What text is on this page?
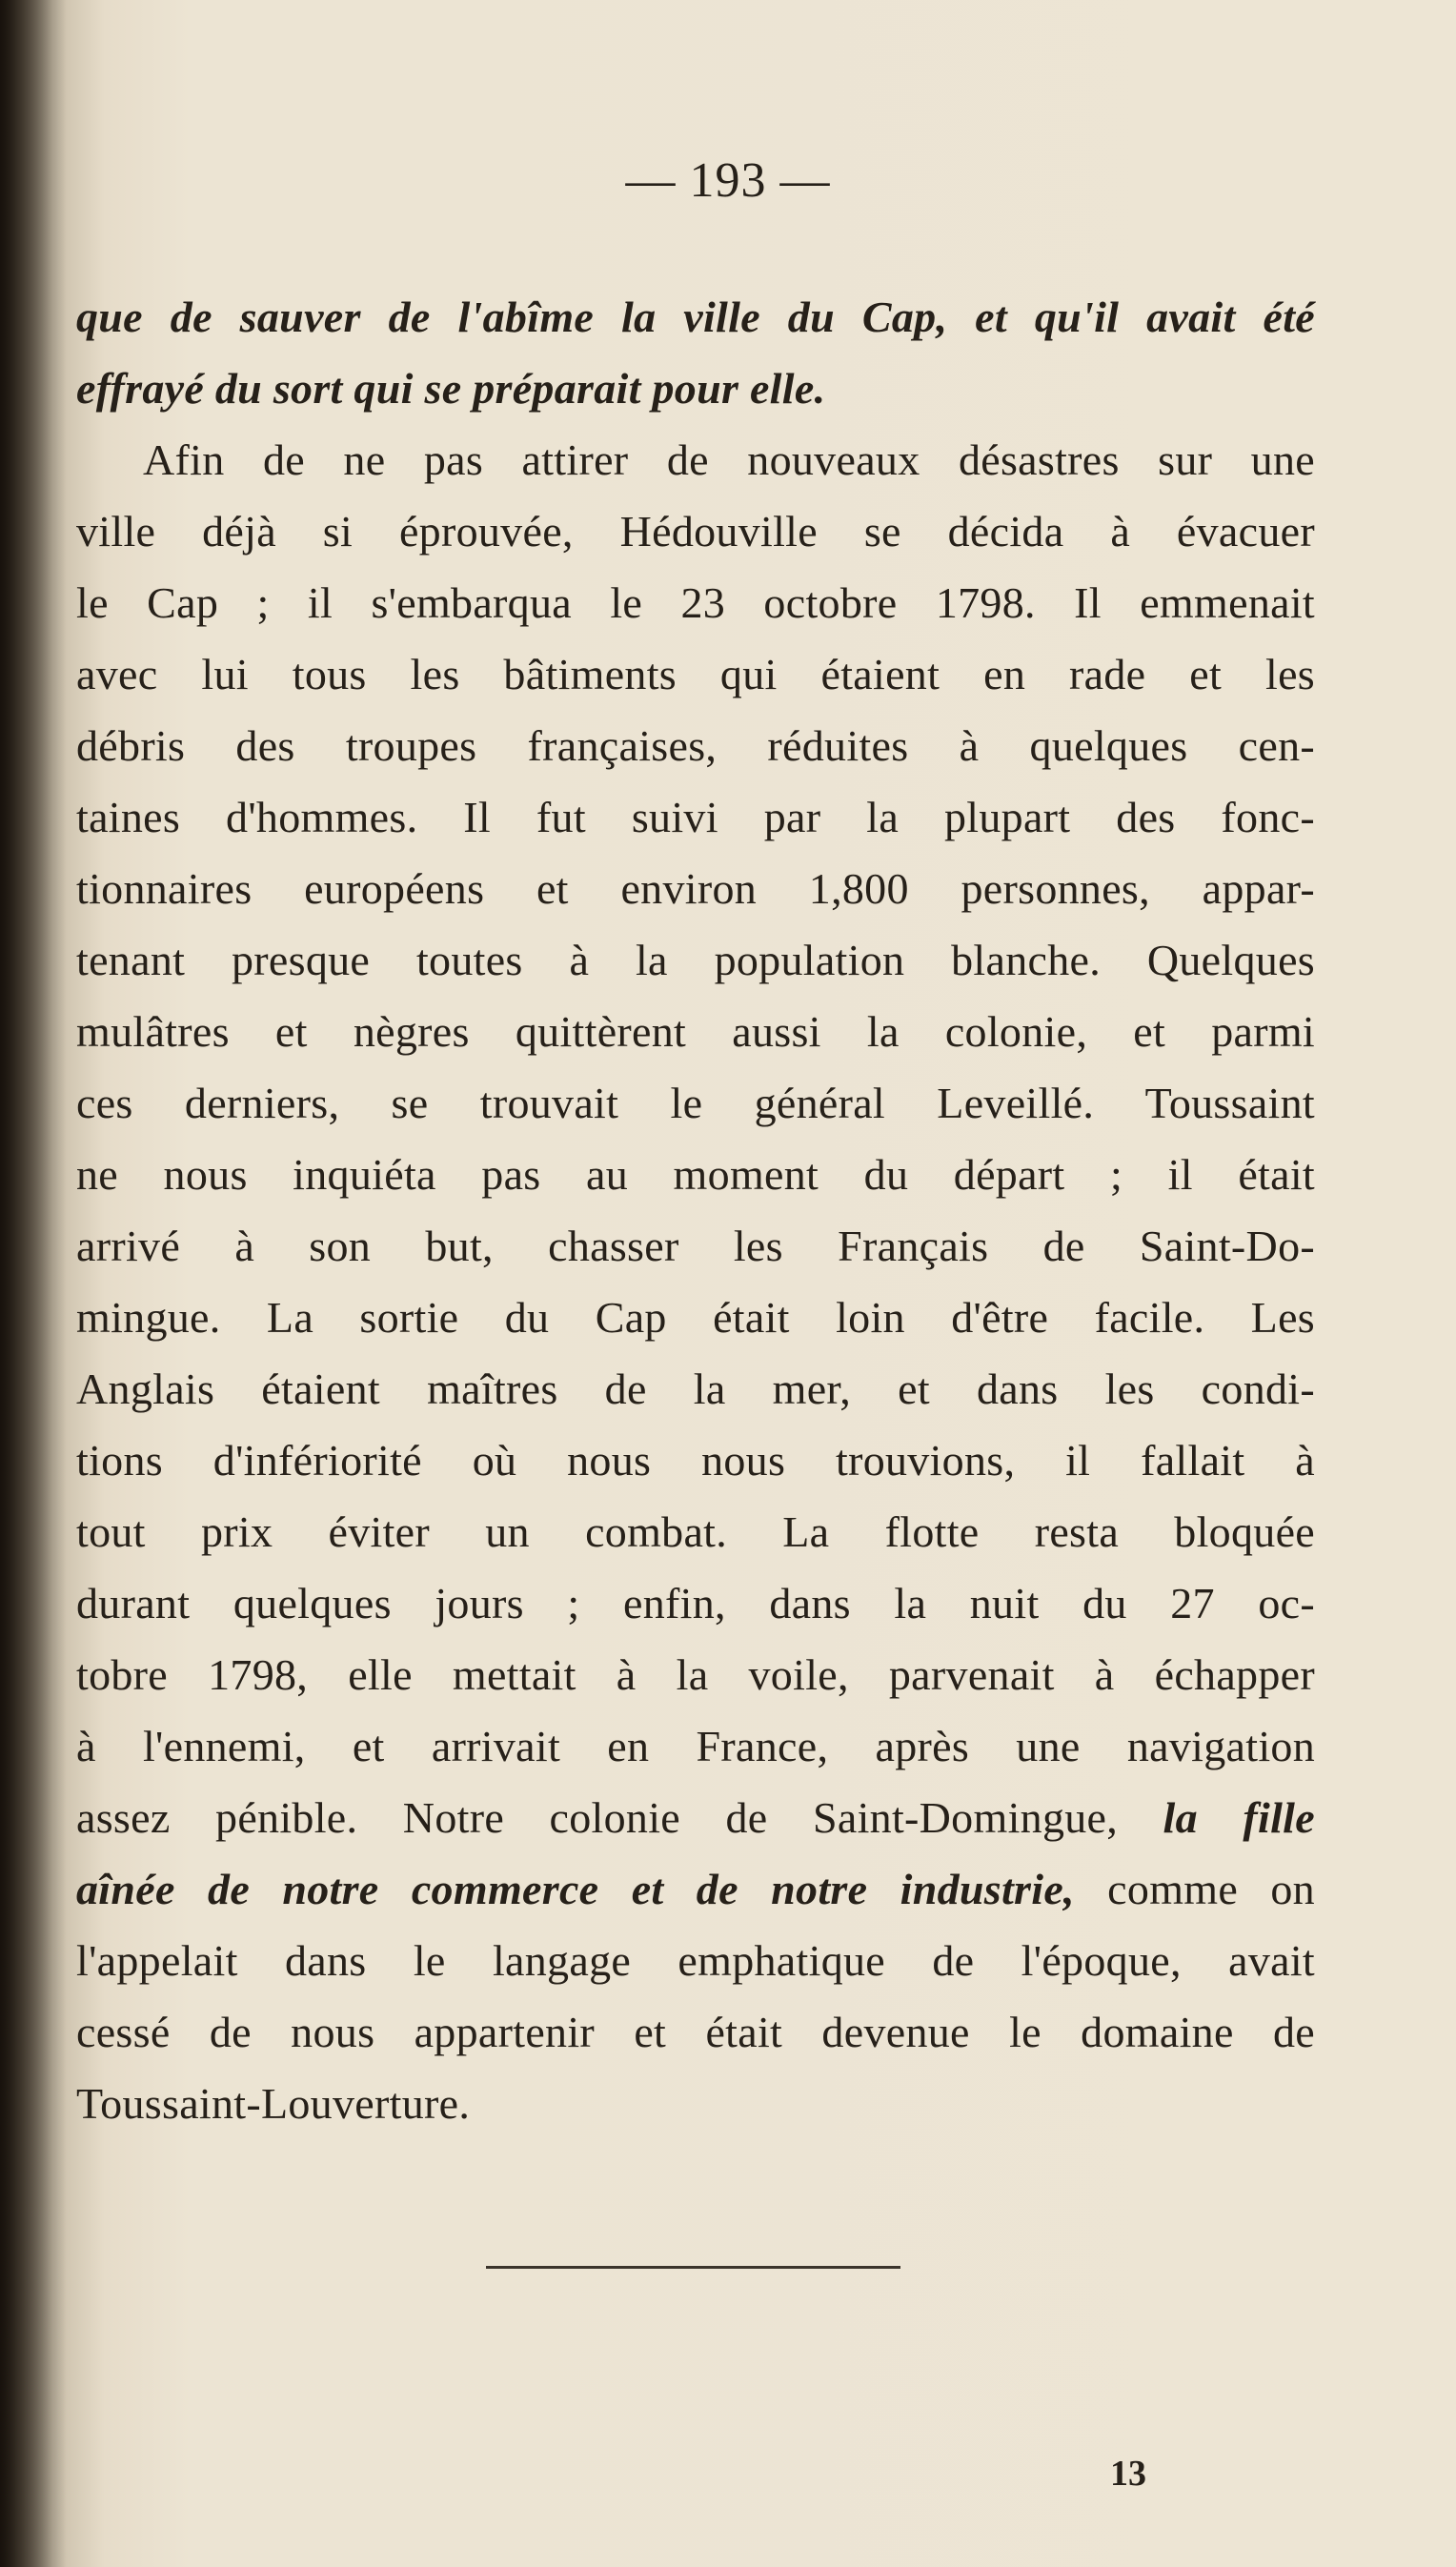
— 193 —
que de sauver de l'abîme la ville du Cap, et qu'il avait été
effrayé du sort qui se préparait pour elle.
Afin de ne pas attirer de nouveaux désastres sur une
ville déjà si éprouvée, Hédouville se décida à évacuer
le Cap ; il s'embarqua le 23 octobre 1798. Il emmenait
avec lui tous les bâtiments qui étaient en rade et les
débris des troupes françaises, réduites à quelques cen-
taines d'hommes. Il fut suivi par la plupart des fonc-
tionnaires européens et environ 1,800 personnes, appar-
tenant presque toutes à la population blanche. Quelques
mulâtres et nègres quittèrent aussi la colonie, et parmi
ces derniers, se trouvait le général Leveillé. Toussaint
ne nous inquiéta pas au moment du départ ; il était
arrivé à son but, chasser les Français de Saint-Do-
mingue. La sortie du Cap était loin d'être facile. Les
Anglais étaient maîtres de la mer, et dans les condi-
tions d'infériorité où nous nous trouvions, il fallait à
tout prix éviter un combat. La flotte resta bloquée
durant quelques jours ; enfin, dans la nuit du 27 oc-
tobre 1798, elle mettait à la voile, parvenait à échapper
à l'ennemi, et arrivait en France, après une navigation
assez pénible. Notre colonie de Saint-Domingue, la fille
aînée de notre commerce et de notre industrie, comme on
l'appelait dans le langage emphatique de l'époque, avait
cessé de nous appartenir et était devenue le domaine de
Toussaint-Louverture.
13
